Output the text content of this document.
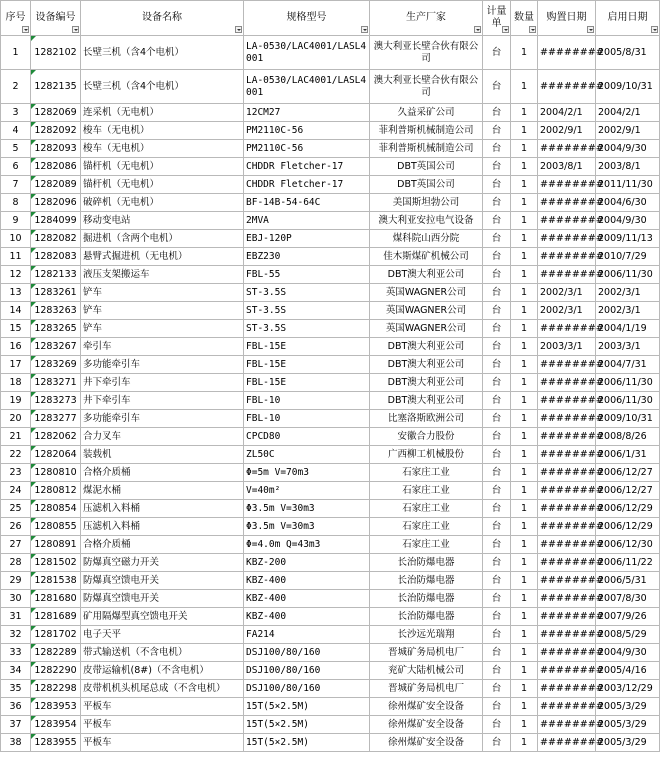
序号	设备编号	设备名称	规格型号	生产厂家	计量单	数量	购置日期	启用日期

1	1282102	长壁三机（含4个电机）	LA-0530/LAC4001/LASL4001	澳大利亚长壁合伙有限公司	台	1	########	2005/8/31
2	1282135	长壁三机（含4个电机）	LA-0530/LAC4001/LASL4001	澳大利亚长壁合伙有限公司	台	1	########	2009/10/31
3	1282069	连采机（无电机）	12CM27	久益采矿公司	台	1	2004/2/1	2004/2/1
4	1282092	梭车（无电机）	PM2110C-56	菲利普斯机械制造公司	台	1	2002/9/1	2002/9/1
5	1282093	梭车（无电机）	PM2110C-56	菲利普斯机械制造公司	台	1	########	2004/9/30
6	1282086	锚杆机（无电机）	CHDDR Fletcher-17	DBT英国公司	台	1	2003/8/1	2003/8/1
7	1282089	锚杆机（无电机）	CHDDR Fletcher-17	DBT英国公司	台	1	########	2011/11/30
8	1282096	破碎机（无电机）	BF-14B-54-64C	美国斯坦勃公司	台	1	########	2004/6/30
9	1284099	移动变电站	2MVA	澳大利亚安拉电气设备	台	1	########	2004/9/30
10	1282082	掘进机（含两个电机）	EBJ-120P	煤科院山西分院	台	1	########	2009/11/13
11	1282083	悬臂式掘进机（无电机）	EBZ230	佳木斯煤矿机械公司	台	1	########	2010/7/29
12	1282133	液压支架搬运车	FBL-55	DBT澳大利亚公司	台	1	########	2006/11/30
13	1283261	铲车	ST-3.5S	英国WAGNER公司	台	1	2002/3/1	2002/3/1
14	1283263	铲车	ST-3.5S	英国WAGNER公司	台	1	2002/3/1	2002/3/1
15	1283265	铲车	ST-3.5S	英国WAGNER公司	台	1	########	2004/1/19
16	1283267	牵引车	FBL-15E	DBT澳大利亚公司	台	1	2003/3/1	2003/3/1
17	1283269	多功能牵引车	FBL-15E	DBT澳大利亚公司	台	1	########	2004/7/31
18	1283271	井下牵引车	FBL-15E	DBT澳大利亚公司	台	1	########	2006/11/30
19	1283273	井下牵引车	FBL-10	DBT澳大利亚公司	台	1	########	2006/11/30
20	1283277	多功能牵引车	FBL-10	比塞洛斯欧洲公司	台	1	########	2009/10/31
21	1282062	合力叉车	CPCD80	安徽合力股份	台	1	########	2008/8/26
22	1282064	装载机	ZL50C	广西柳工机械股份	台	1	########	2006/1/31
23	1280810	合格介质桶	Φ=5m V=70m3	石家庄工业	台	1	########	2006/12/27
24	1280812	煤泥水桶	V=40m²	石家庄工业	台	1	########	2006/12/27
25	1280854	压滤机入料桶	Φ3.5m V=30m3	石家庄工业	台	1	########	2006/12/29
26	1280855	压滤机入料桶	Φ3.5m V=30m3	石家庄工业	台	1	########	2006/12/29
27	1280891	合格介质桶	Φ=4.0m Q=43m3	石家庄工业	台	1	########	2006/12/30
28	1281502	防爆真空磁力开关	KBZ-200	长治防爆电器	台	1	########	2006/11/22
29	1281538	防爆真空馈电开关	KBZ-400	长治防爆电器	台	1	########	2006/5/31
30	1281680	防爆真空馈电开关	KBZ-400	长治防爆电器	台	1	########	2007/8/30
31	1281689	矿用隔爆型真空馈电开关	KBZ-400	长治防爆电器	台	1	########	2007/9/26
32	1281702	电子天平	FA214	长沙远光瑞翔	台	1	########	2008/5/29
33	1282289	带式输送机（不含电机）	DSJ100/80/160	晋城矿务局机电厂	台	1	########	2004/9/30
34	1282290	皮带运输机(8#)（不含电机）	DSJ100/80/160	兖矿大陆机械公司	台	1	########	2005/4/16
35	1282298	皮带机机头机尾总成（不含电机）	DSJ100/80/160	晋城矿务局机电厂	台	1	########	2003/12/29
36	1283953	平板车	15T(5×2.5M)	徐州煤矿安全设备	台	1	########	2005/3/29
37	1283954	平板车	15T(5×2.5M)	徐州煤矿安全设备	台	1	########	2005/3/29
38	1283955	平板车	15T(5×2.5M)	徐州煤矿安全设备	台	1	########	2005/3/29
